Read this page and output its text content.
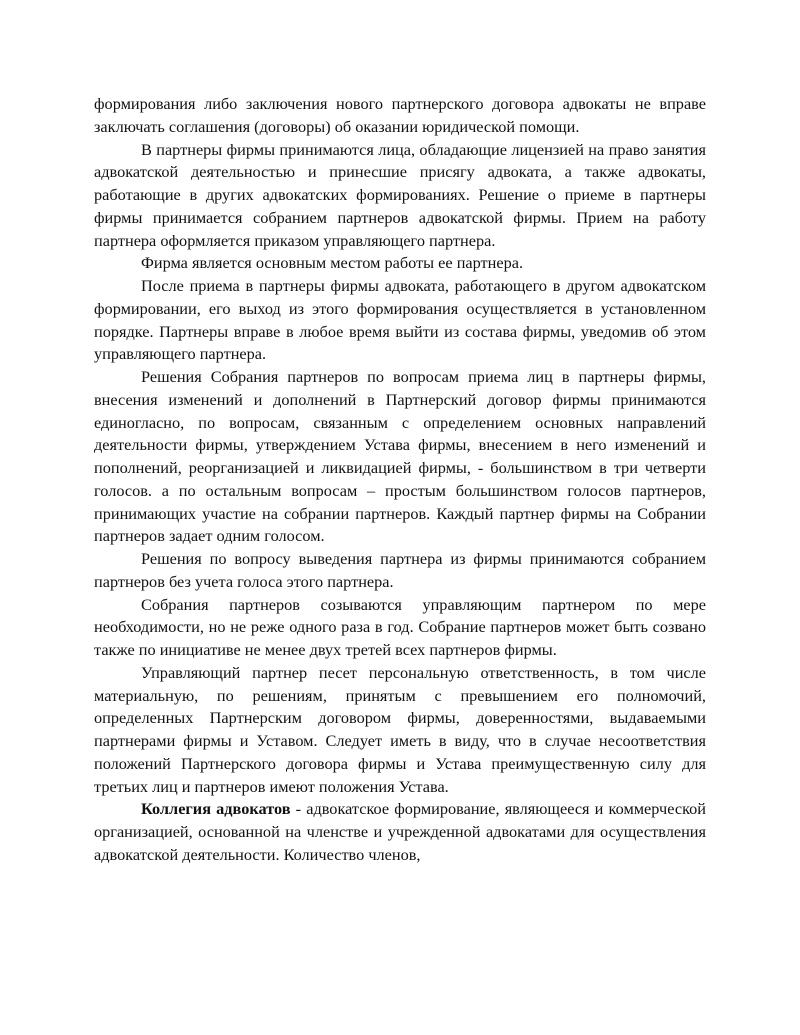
формирования либо заключения нового партнерского договора адвокаты не вправе заключать соглашения (договоры) об оказании юридической помощи.

В партнеры фирмы принимаются лица, обладающие лицензией на право занятия адвокатской деятельностью и принесшие присягу адвоката, а также адвокаты, работающие в других адвокатских формированиях. Решение о приеме в партнеры фирмы принимается собранием партнеров адвокатской фирмы. Прием на работу партнера оформляется приказом управляющего партнера.

Фирма является основным местом работы ее партнера.

После приема в партнеры фирмы адвоката, работающего в другом адвокатском формировании, его выход из этого формирования осуществляется в установленном порядке. Партнеры вправе в любое время выйти из состава фирмы, уведомив об этом управляющего партнера.

Решения Собрания партнеров по вопросам приема лиц в партнеры фирмы, внесения изменений и дополнений в Партнерский договор фирмы принимаются единогласно, по вопросам, связанным с определением основных направлений деятельности фирмы, утверждением Устава фирмы, внесением в него изменений и пополнений, реорганизацией и ликвидацией фирмы, - большинством в три четверти голосов. а по остальным вопросам – простым большинством голосов партнеров, принимающих участие на собрании партнеров. Каждый партнер фирмы на Собрании партнеров задает одним голосом.

Решения по вопросу выведения партнера из фирмы принимаются собранием партнеров без учета голоса этого партнера.

Собрания партнеров созываются управляющим партнером по мере необходимости, но не реже одного раза в год. Собрание партнеров может быть созвано также по инициативе не менее двух третей всех партнеров фирмы.

Управляющий партнер песет персональную ответственность, в том числе материальную, по решениям, принятым с превышением его полномочий, определенных Партнерским договором фирмы, доверенностями, выдаваемыми партнерами фирмы и Уставом. Следует иметь в виду, что в случае несоответствия положений Партнерского договора фирмы и Устава преимущественную силу для третьих лиц и партнеров имеют положения Устава.

Коллегия адвокатов - адвокатское формирование, являющееся и коммерческой организацией, основанной на членстве и учрежденной адвокатами для осуществления адвокатской деятельности. Количество членов,
